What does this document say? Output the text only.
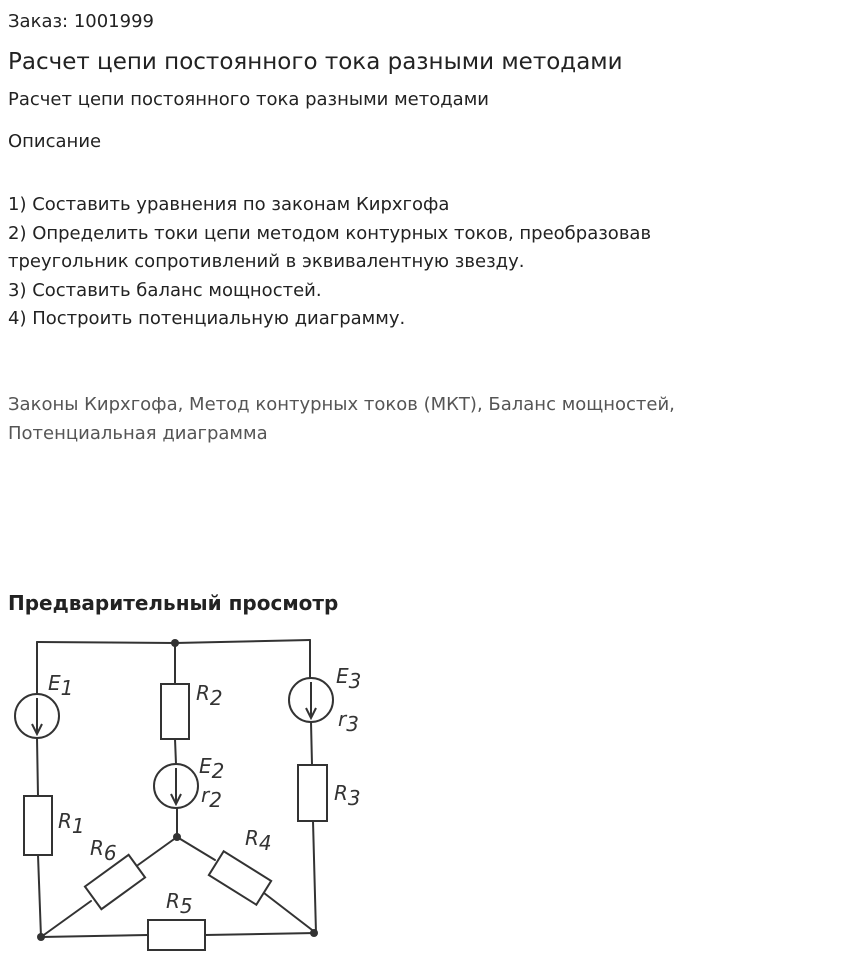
Заказ: 1001999
Расчет цепи постоянного тока разными методами
Расчет цепи постоянного тока разными методами
Описание
1) Составить уравнения по законам Кирхгофа
2) Определить токи цепи методом контурных токов, преобразовав
треугольник сопротивлений в эквивалентную звезду.
3) Составить баланс мощностей.
4) Построить потенциальную диаграмму.
Законы Кирхгофа, Метод контурных токов (МКТ), Баланс мощностей,
Потенциальная диаграмма
Предварительный просмотр
E1	R2
E3
r3
E2
r2
R1
R3
R6
R4
R5
